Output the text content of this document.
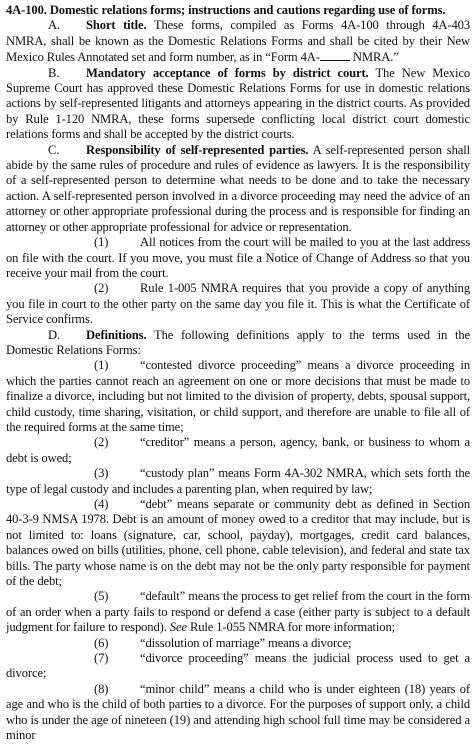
4A-100. Domestic relations forms; instructions and cautions regarding use of forms.

A. Short title. These forms, compiled as Forms 4A-100 through 4A-403 NMRA, shall be known as the Domestic Relations Forms and shall be cited by their New Mexico Rules Annotated set and form number, as in “Form 4A- NMRA.”

B. Mandatory acceptance of forms by district court. The New Mexico Supreme Court has approved these Domestic Relations Forms for use in domestic relations actions by self-represented litigants and attorneys appearing in the district courts. As provided by Rule 1-120 NMRA, these forms supersede conflicting local district court domestic relations forms and shall be accepted by the district courts.

C. Responsibility of self-represented parties. A self-represented person shall abide by the same rules of procedure and rules of evidence as lawyers. It is the responsibility of a self-represented person to determine what needs to be done and to take the necessary action. A self-represented person involved in a divorce proceeding may need the advice of an attorney or other appropriate professional during the process and is responsible for finding an attorney or other appropriate professional for advice or representation.

(1)	All notices from the court will be mailed to you at the last address on file with the court. If you move, you must file a Notice of Change of Address so that you receive your mail from the court.

(2)	Rule 1-005 NMRA requires that you provide a copy of anything you file in court to the other party on the same day you file it. This is what the Certificate of Service confirms.

D. Definitions. The following definitions apply to the terms used in the Domestic Relations Forms:

(1)	“contested divorce proceeding” means a divorce proceeding in which the parties cannot reach an agreement on one or more decisions that must be made to finalize a divorce, including but not limited to the division of property, debts, spousal support, child custody, time sharing, visitation, or child support, and therefore are unable to file all of the required forms at the same time;

(2)	“creditor” means a person, agency, bank, or business to whom a debt is owed;

(3)	“custody plan” means Form 4A-302 NMRA, which sets forth the type of legal custody and includes a parenting plan, when required by law;

(4)	“debt” means separate or community debt as defined in Section 40-3-9 NMSA 1978. Debt is an amount of money owed to a creditor that may include, but is not limited to: loans (signature, car, school, payday), mortgages, credit card balances, balances owed on bills (utilities, phone, cell phone, cable television), and federal and state tax bills. The party whose name is on the debt may not be the only party responsible for payment of the debt;

(5)	“default” means the process to get relief from the court in the form of an order when a party fails to respond or defend a case (either party is subject to a default judgment for failure to respond). See Rule 1-055 NMRA for more information;

(6)	“dissolution of marriage” means a divorce;

(7)	“divorce proceeding” means the judicial process used to get a divorce;

(8)	“minor child” means a child who is under eighteen (18) years of age and who is the child of both parties to a divorce. For the purposes of support only, a child who is under the age of nineteen (19) and attending high school full time may be considered a minor
